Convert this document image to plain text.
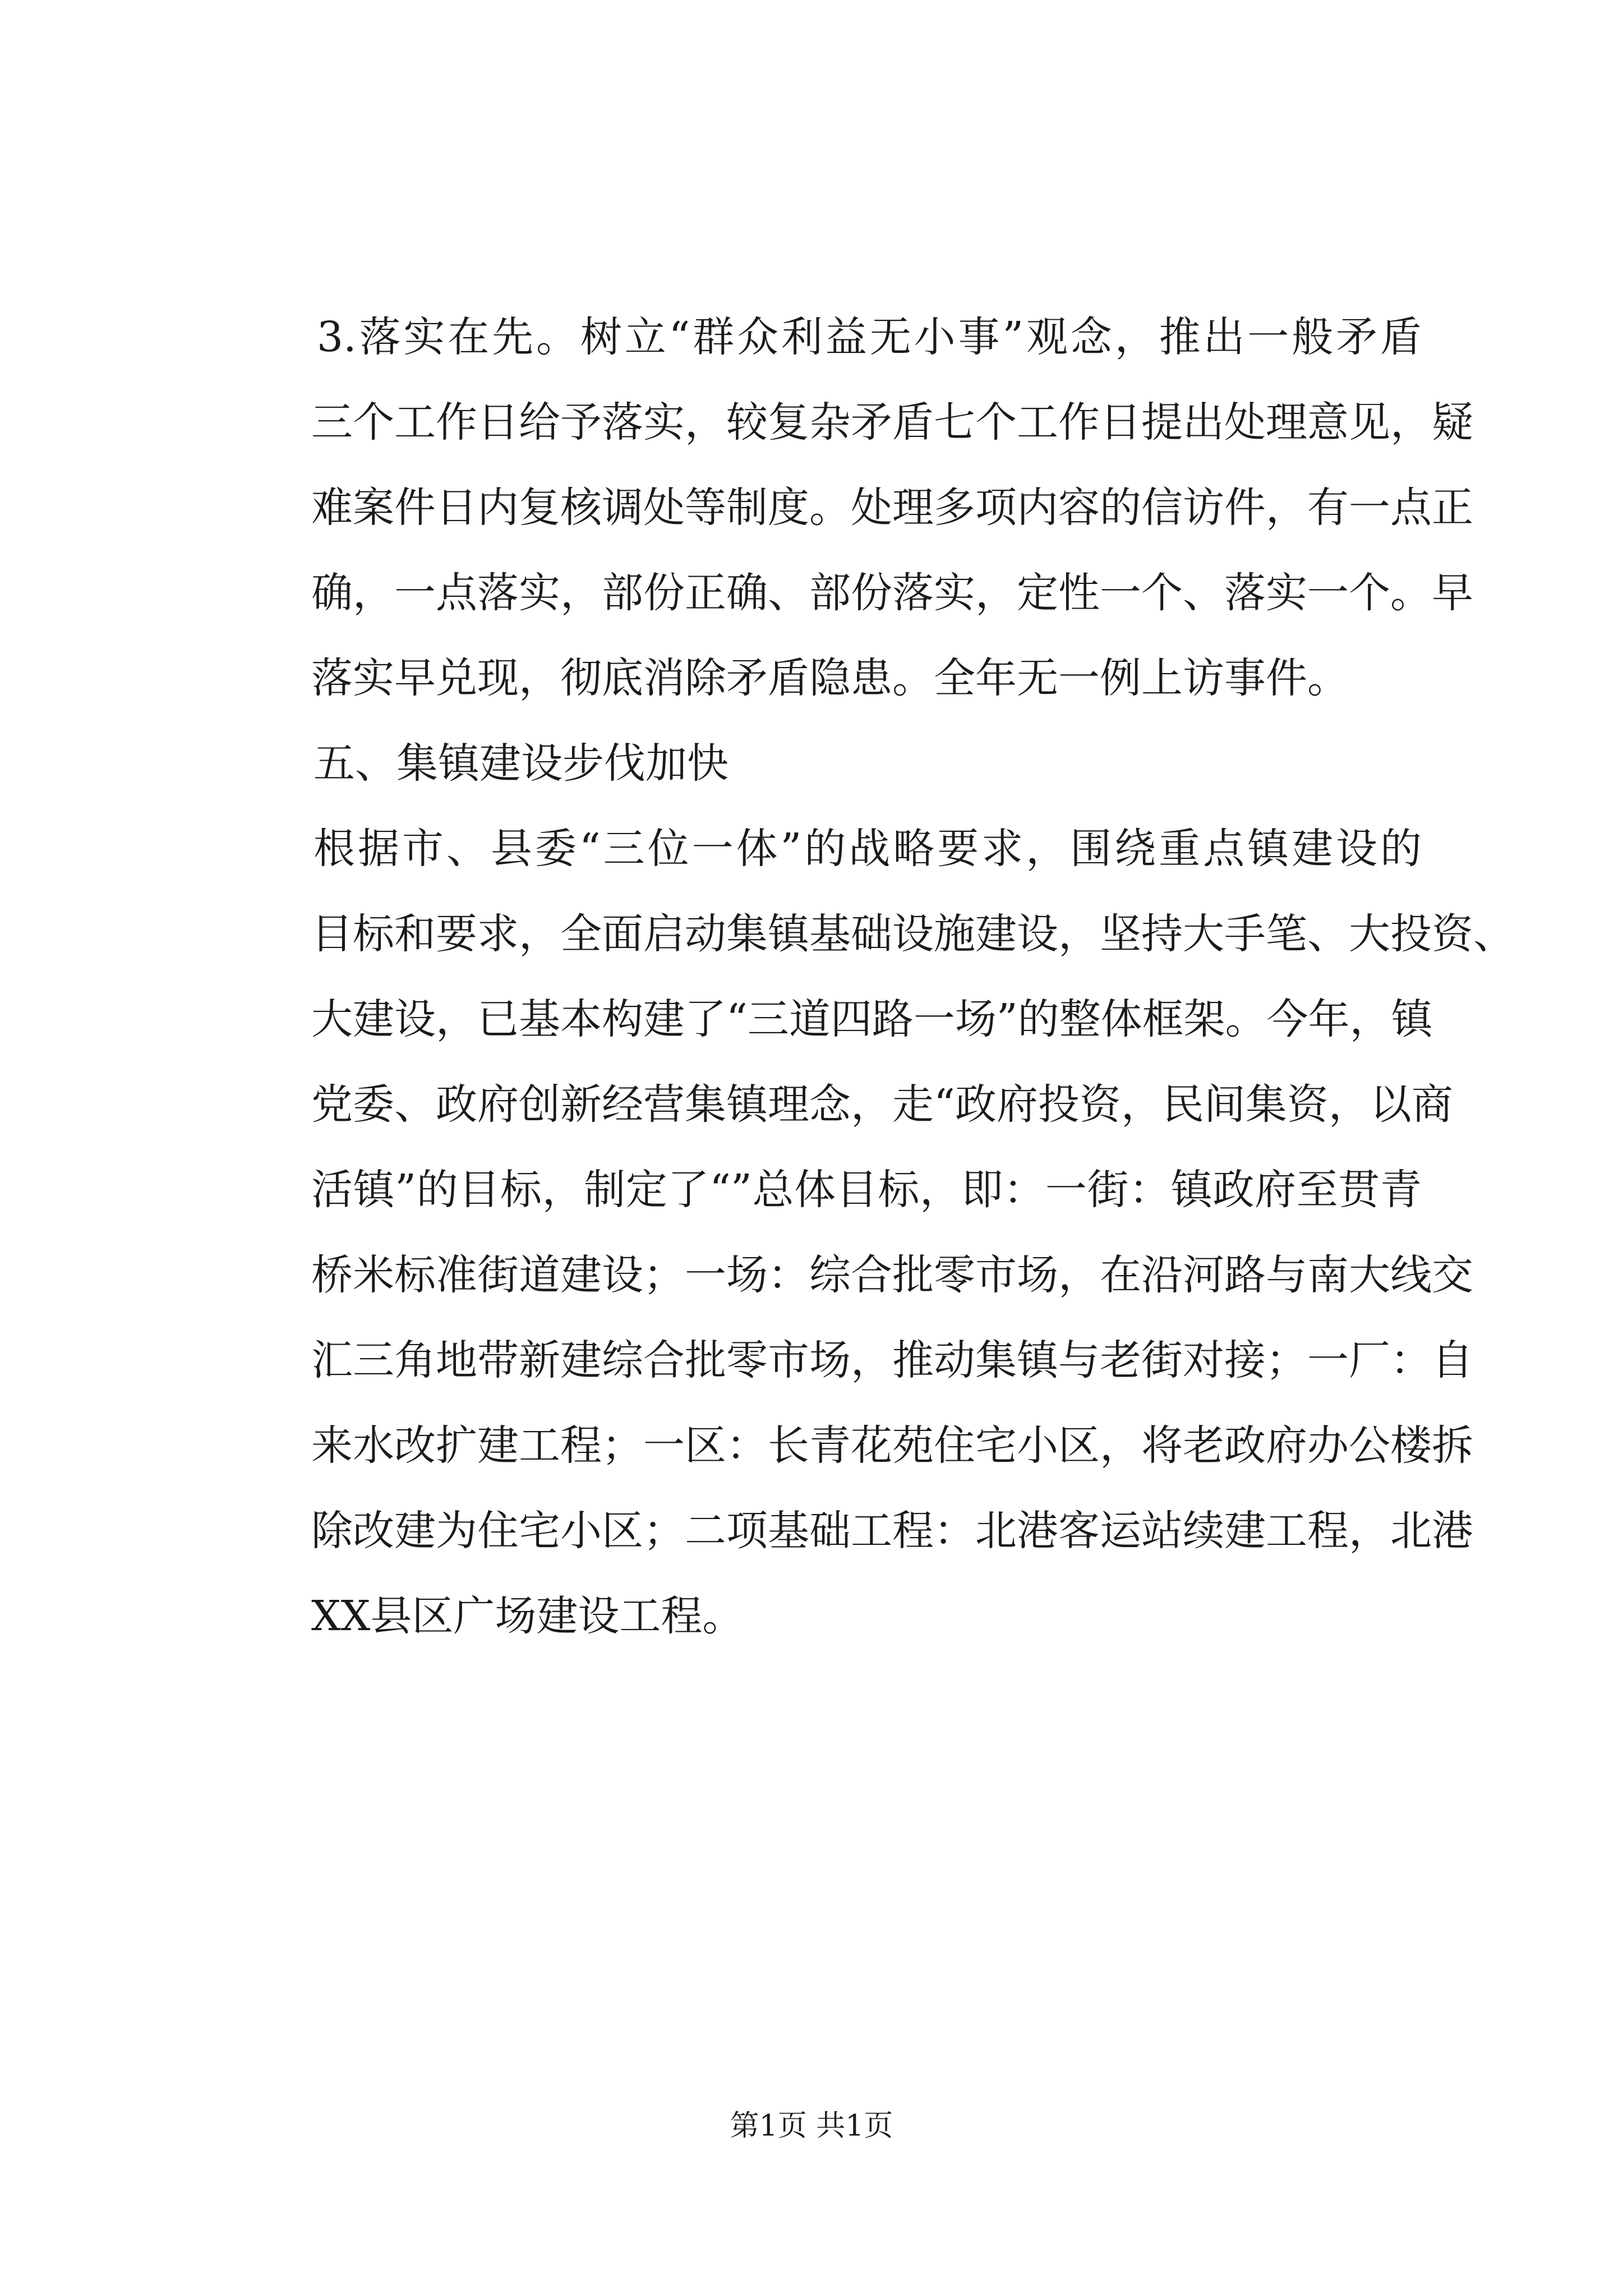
3.落实在先。树立“群众利益无小事”观念，推出一般矛盾
三个工作日给予落实，较复杂矛盾七个工作日提出处理意见，疑
难案件日内复核调处等制度。处理多项内容的信访件，有一点正
确，一点落实，部份正确、部份落实，定性一个、落实一个。早
落实早兑现，彻底消除矛盾隐患。全年无一例上访事件。
五、集镇建设步伐加快
根据市、县委“三位一体”的战略要求，围绕重点镇建设的
目标和要求，全面启动集镇基础设施建设，坚持大手笔、大投资、
大建设，已基本构建了“三道四路一场”的整体框架。今年，镇
党委、政府创新经营集镇理念，走“政府投资，民间集资，以商
活镇”的目标，制定了“”总体目标，即：一街：镇政府至贯青
桥米标准街道建设；一场：综合批零市场，在沿河路与南大线交
汇三角地带新建综合批零市场，推动集镇与老街对接；一厂：自
来水改扩建工程；一区：长青花苑住宅小区，将老政府办公楼拆
除改建为住宅小区；二项基础工程：北港客运站续建工程，北港
XX县区广场建设工程。
第1页 共1页
